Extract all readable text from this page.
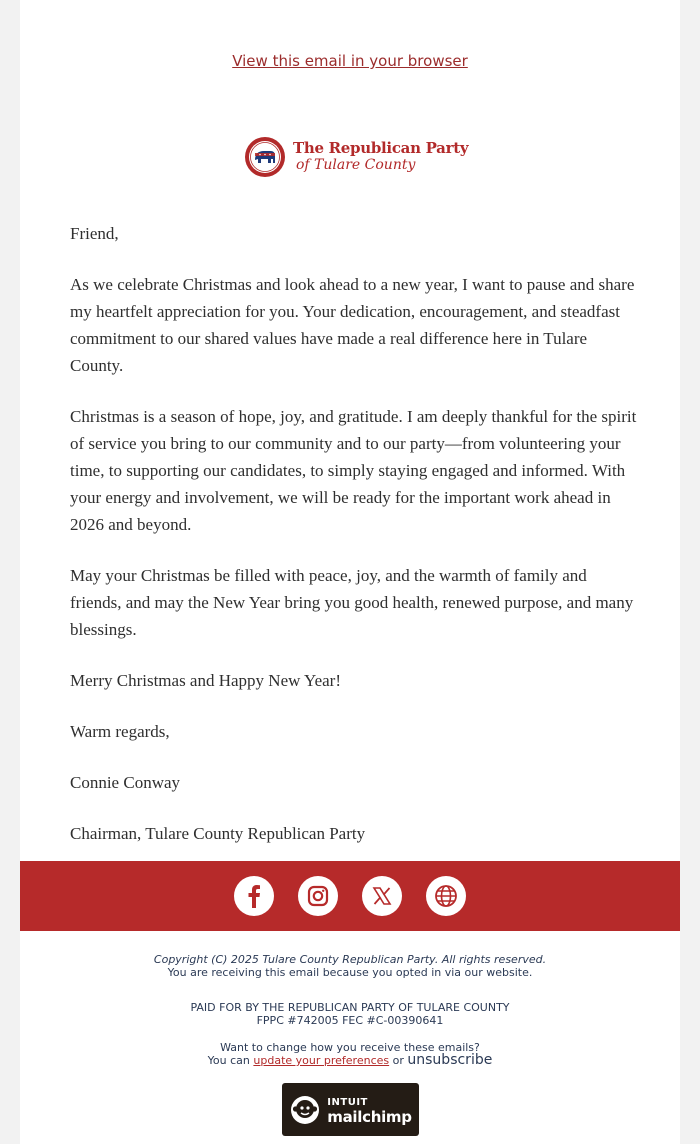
View this email in your browser
The Republican Party
of Tulare County

Friend,

As we celebrate Christmas and look ahead to a new year, I want to pause and share my heartfelt appreciation for you. Your dedication, encouragement, and steadfast commitment to our shared values have made a real difference here in Tulare County.

Christmas is a season of hope, joy, and gratitude. I am deeply thankful for the spirit of service you bring to our community and to our party—from volunteering your time, to supporting our candidates, to simply staying engaged and informed. With your energy and involvement, we will be ready for the important work ahead in 2026 and beyond.

May your Christmas be filled with peace, joy, and the warmth of family and friends, and may the New Year bring you good health, renewed purpose, and many blessings.

Merry Christmas and Happy New Year!

Warm regards,

Connie Conway

Chairman, Tulare County Republican Party

Copyright (C) 2025 Tulare County Republican Party. All rights reserved.
You are receiving this email because you opted in via our website.
PAID FOR BY THE REPUBLICAN PARTY OF TULARE COUNTY
FPPC #742005 FEC #C-00390641
Want to change how you receive these emails?
You can update your preferences or unsubscribe
INTUIT
mailchimp
